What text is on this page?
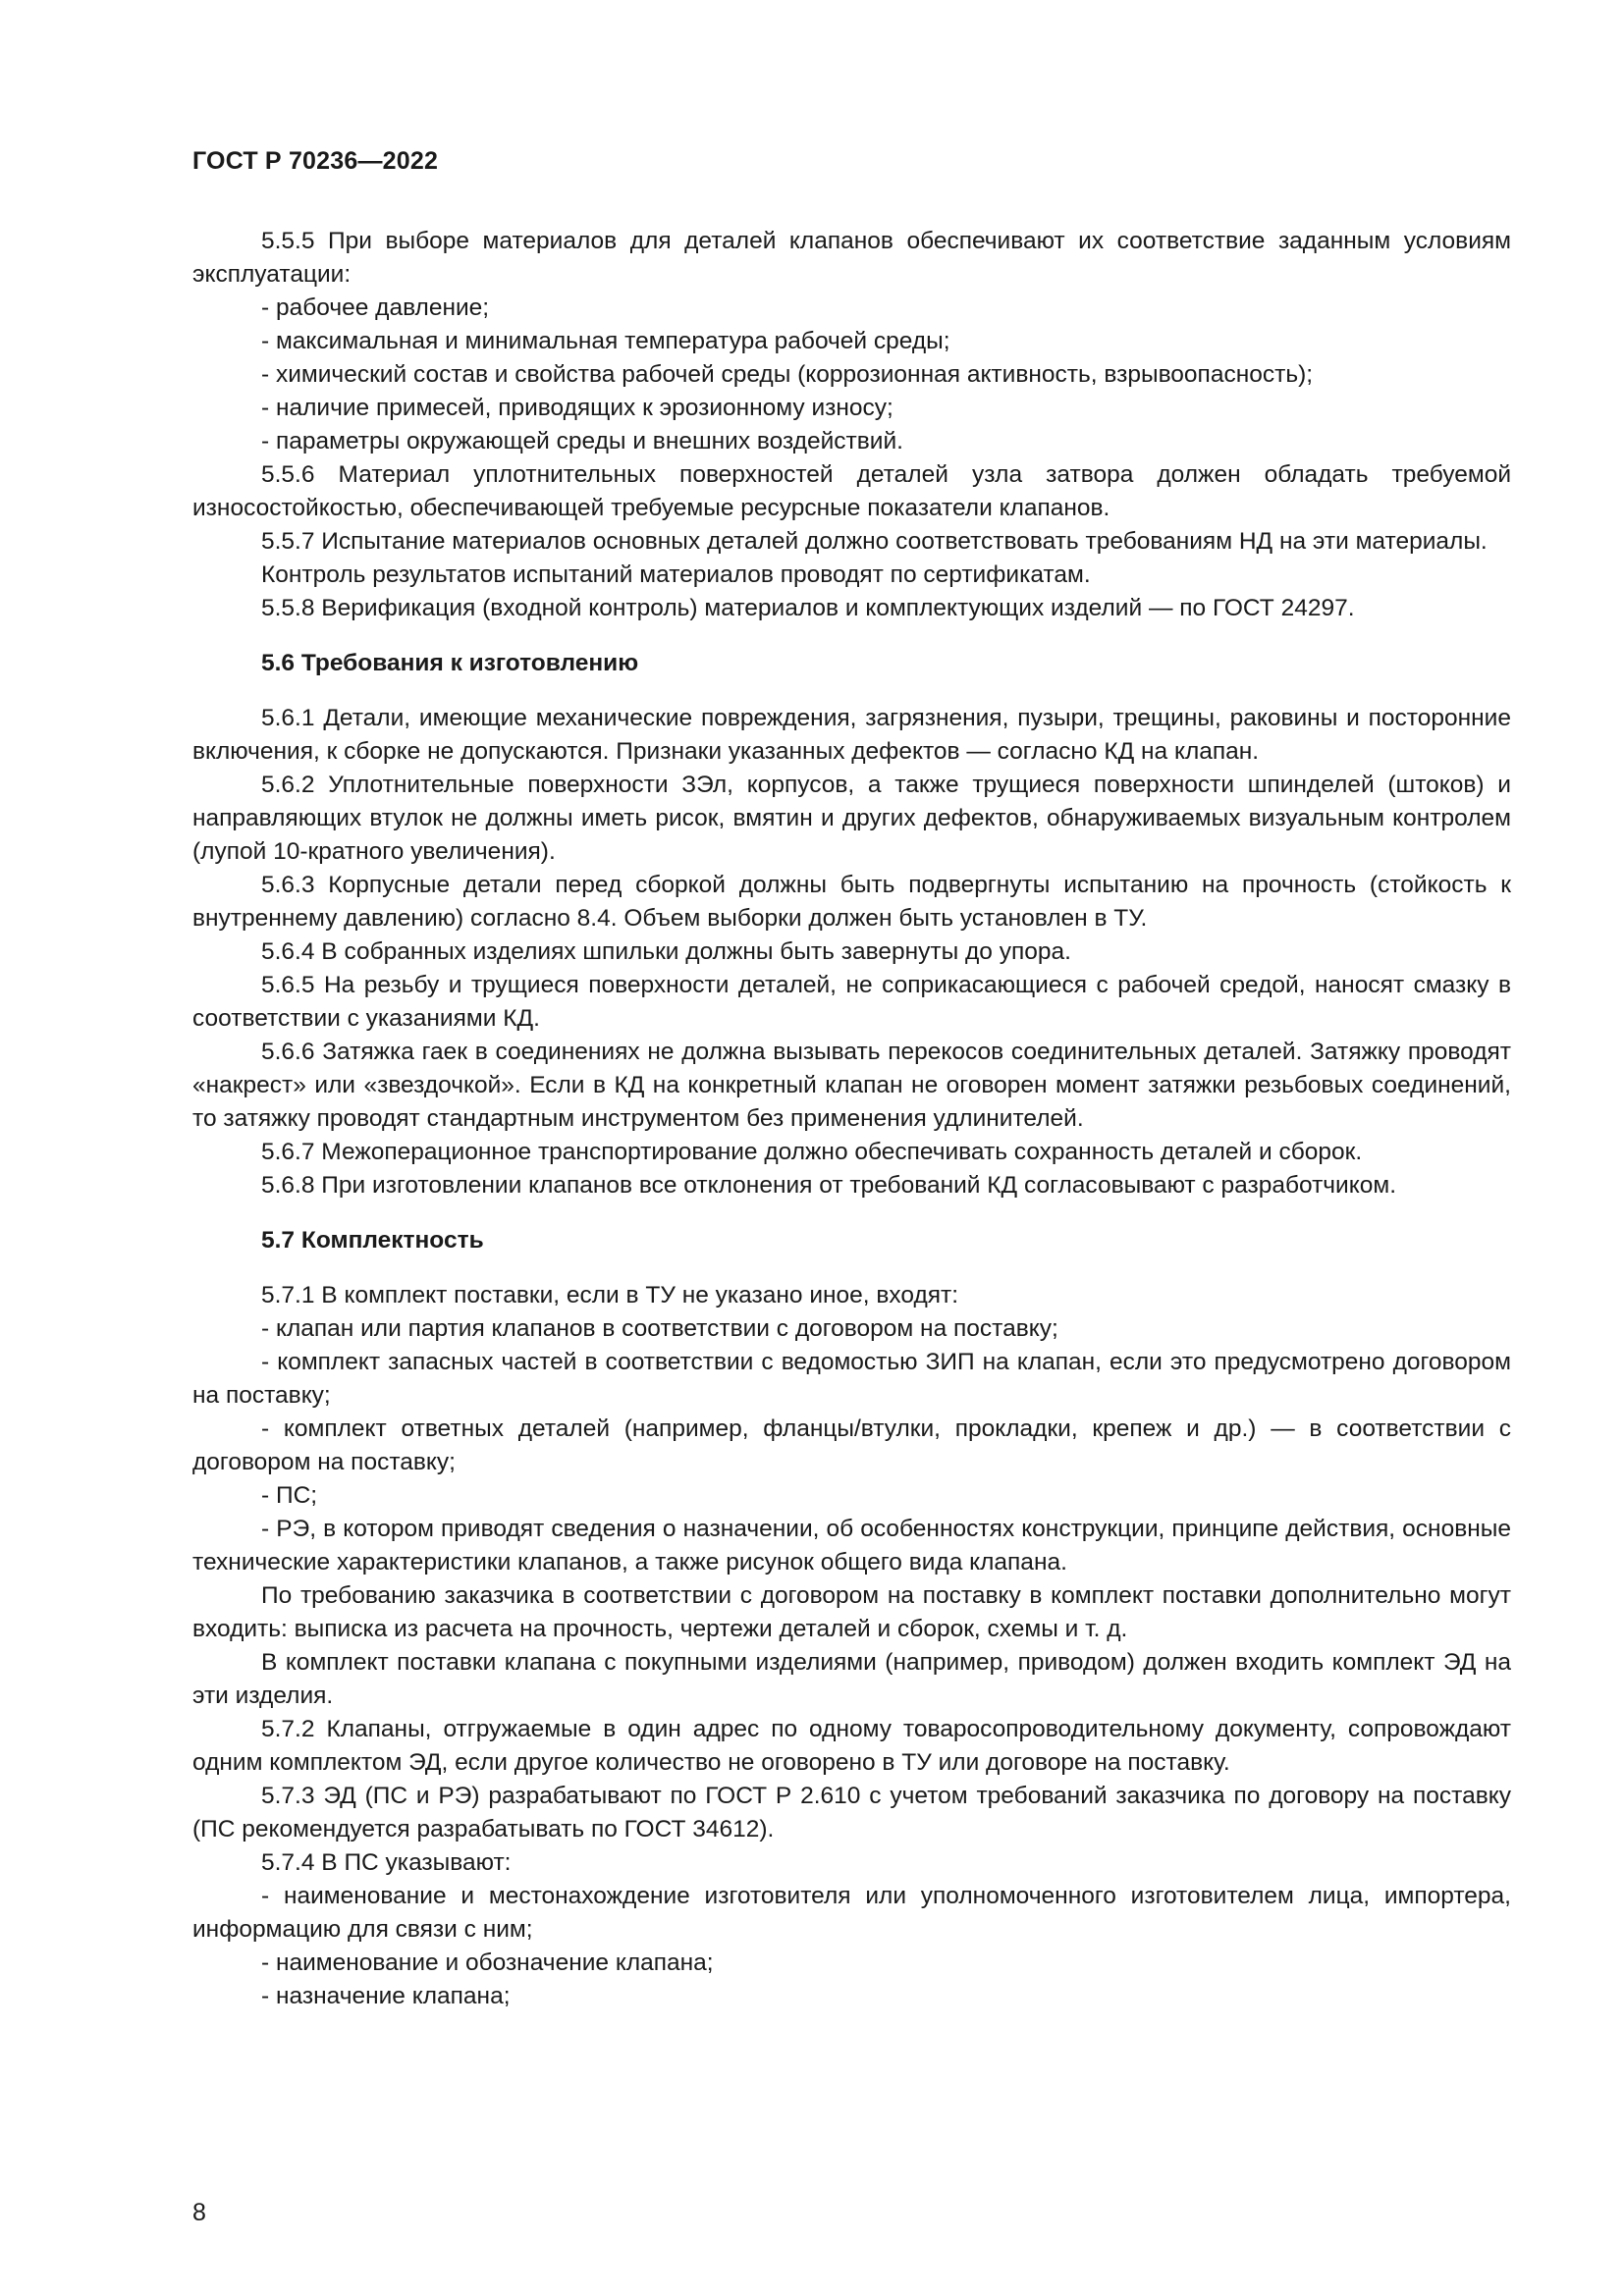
ГОСТ Р 70236—2022

5.5.5 При выборе материалов для деталей клапанов обеспечивают их соответствие заданным условиям эксплуатации:

- рабочее давление;

- максимальная и минимальная температура рабочей среды;

- химический состав и свойства рабочей среды (коррозионная активность, взрывоопасность);

- наличие примесей, приводящих к эрозионному износу;

- параметры окружающей среды и внешних воздействий.

5.5.6 Материал уплотнительных поверхностей деталей узла затвора должен обладать требуемой износостойкостью, обеспечивающей требуемые ресурсные показатели клапанов.

5.5.7 Испытание материалов основных деталей должно соответствовать требованиям НД на эти материалы.

Контроль результатов испытаний материалов проводят по сертификатам.

5.5.8 Верификация (входной контроль) материалов и комплектующих изделий — по ГОСТ 24297.

5.6 Требования к изготовлению

5.6.1 Детали, имеющие механические повреждения, загрязнения, пузыри, трещины, раковины и посторонние включения, к сборке не допускаются. Признаки указанных дефектов — согласно КД на клапан.

5.6.2 Уплотнительные поверхности ЗЭл, корпусов, а также трущиеся поверхности шпинделей (штоков) и направляющих втулок не должны иметь рисок, вмятин и других дефектов, обнаруживаемых визуальным контролем (лупой 10-кратного увеличения).

5.6.3 Корпусные детали перед сборкой должны быть подвергнуты испытанию на прочность (стойкость к внутреннему давлению) согласно 8.4. Объем выборки должен быть установлен в ТУ.

5.6.4 В собранных изделиях шпильки должны быть завернуты до упора.

5.6.5 На резьбу и трущиеся поверхности деталей, не соприкасающиеся с рабочей средой, наносят смазку в соответствии с указаниями КД.

5.6.6 Затяжка гаек в соединениях не должна вызывать перекосов соединительных деталей. Затяжку проводят «накрест» или «звездочкой». Если в КД на конкретный клапан не оговорен момент затяжки резьбовых соединений, то затяжку проводят стандартным инструментом без применения удлинителей.

5.6.7 Межоперационное транспортирование должно обеспечивать сохранность деталей и сборок.

5.6.8 При изготовлении клапанов все отклонения от требований КД согласовывают с разработчиком.

5.7 Комплектность

5.7.1 В комплект поставки, если в ТУ не указано иное, входят:

- клапан или партия клапанов в соответствии с договором на поставку;

- комплект запасных частей в соответствии с ведомостью ЗИП на клапан, если это предусмотрено договором на поставку;

- комплект ответных деталей (например, фланцы/втулки, прокладки, крепеж и др.) — в соответствии с договором на поставку;

- ПС;

- РЭ, в котором приводят сведения о назначении, об особенностях конструкции, принципе действия, основные технические характеристики клапанов, а также рисунок общего вида клапана.

По требованию заказчика в соответствии с договором на поставку в комплект поставки дополнительно могут входить: выписка из расчета на прочность, чертежи деталей и сборок, схемы и т. д.

В комплект поставки клапана с покупными изделиями (например, приводом) должен входить комплект ЭД на эти изделия.

5.7.2 Клапаны, отгружаемые в один адрес по одному товаросопроводительному документу, сопровождают одним комплектом ЭД, если другое количество не оговорено в ТУ или договоре на поставку.

5.7.3 ЭД (ПС и РЭ) разрабатывают по ГОСТ Р 2.610 с учетом требований заказчика по договору на поставку (ПС рекомендуется разрабатывать по ГОСТ 34612).

5.7.4 В ПС указывают:

- наименование и местонахождение изготовителя или уполномоченного изготовителем лица, импортера, информацию для связи с ним;

- наименование и обозначение клапана;

- назначение клапана;

8
